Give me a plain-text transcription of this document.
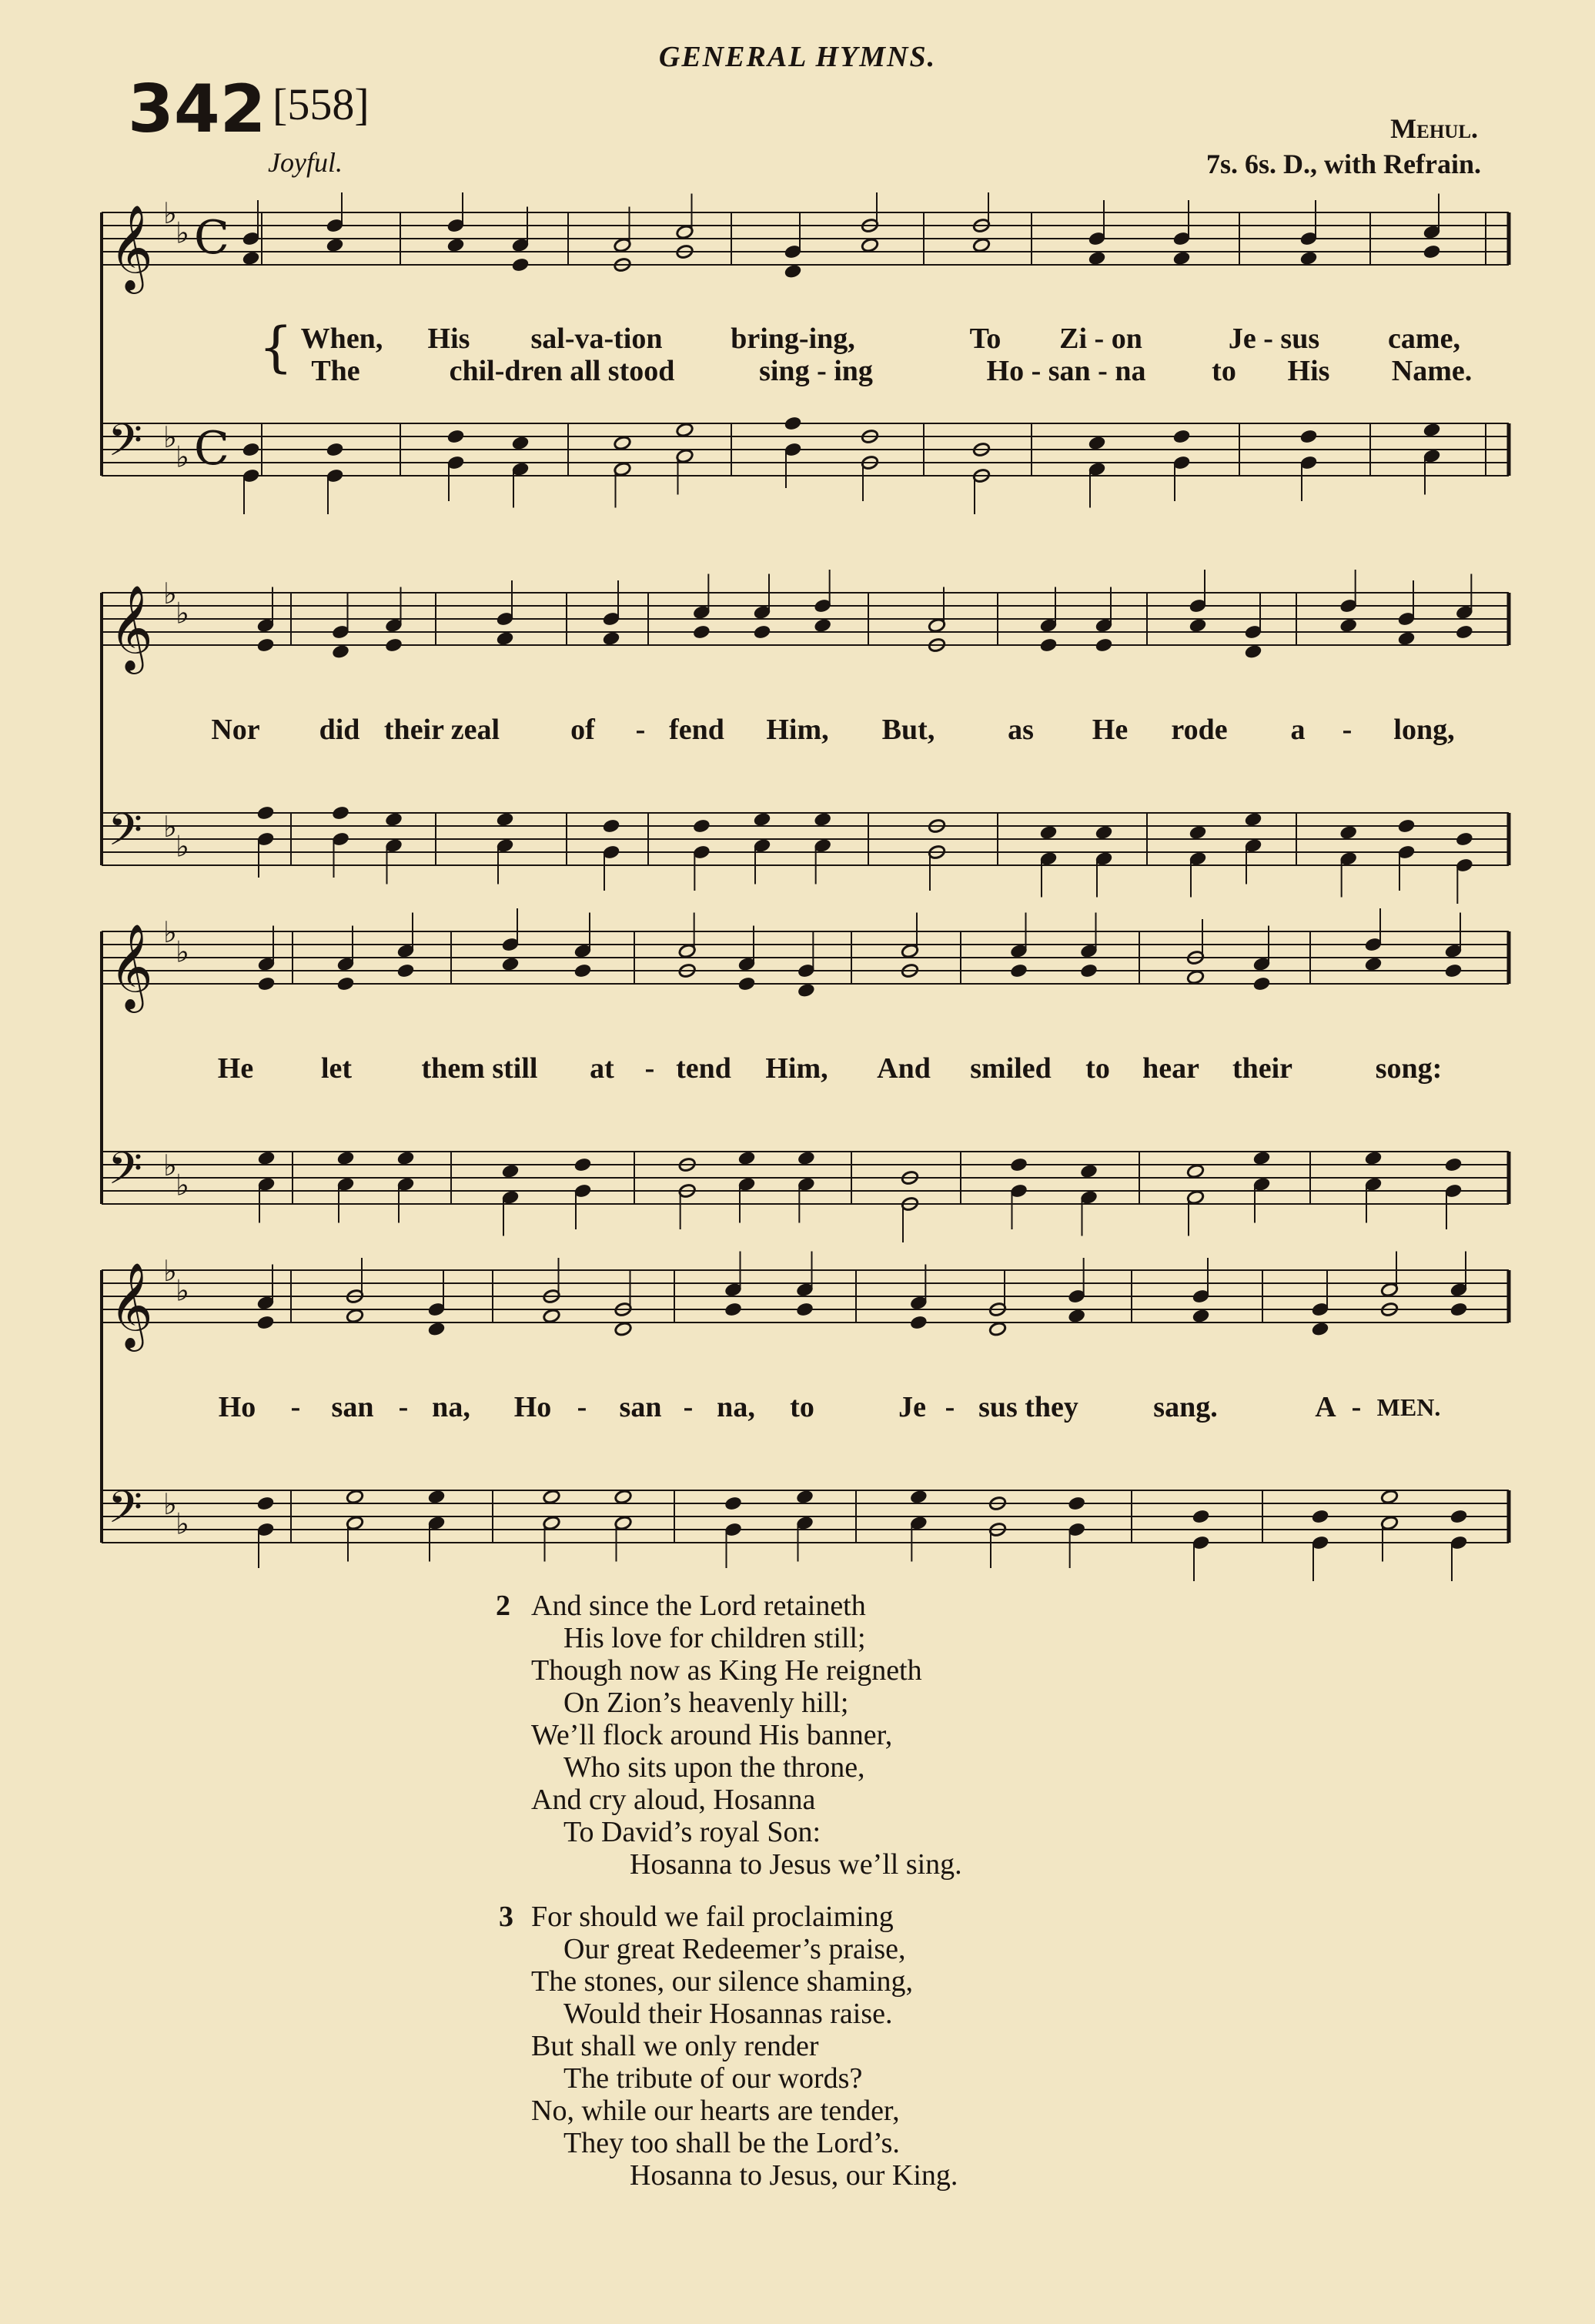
GENERAL HYMNS.
342 [558]
Joyful.
Mehul.
7s. 6s. D., with Refrain.
𝄞
𝄢
♭
♭
♭
♭
C
C
When, His sal-va-tion bring-ing,	To Zi - on	Je - sus came,
The	chil-dren all stood	sing - ing	Ho - san - na to His Name.
{
𝄞
𝄢
♭
♭
♭
♭
Nor did their zeal of - fend Him, But, as He rode a - long,
𝄞
𝄢
♭
♭
♭
♭
He let them still at - tend Him, And smiled to hear their	song:
𝄞
𝄢
♭
♭
♭
♭
Ho - san - na, Ho - san - na, to	Je - sus they	sang.	A - MEN.
2 And since the Lord retaineth
His love for children still;
Though now as King He reigneth
On Zion’s heavenly hill;
We’ll flock around His banner,
Who sits upon the throne,
And cry aloud, Hosanna
To David’s royal Son:
Hosanna to Jesus we’ll sing.
3 For should we fail proclaiming
Our great Redeemer’s praise,
The stones, our silence shaming,
Would their Hosannas raise.
But shall we only render
The tribute of our words?
No, while our hearts are tender,
They too shall be the Lord’s.
Hosanna to Jesus, our King.
